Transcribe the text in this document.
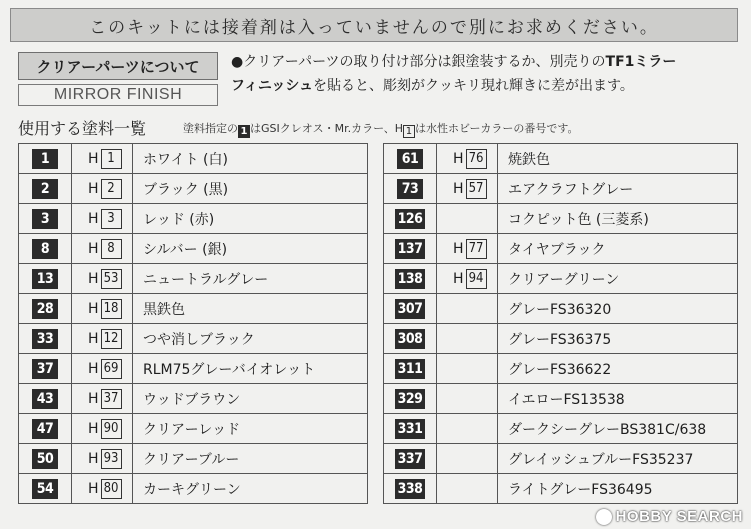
このキットには接着剤は入っていませんので別にお求めください。
クリアーパーツについて
MIRROR FINISH
●クリアーパーツの取り付け部分は銀塗装するか、別売りのTF1ミラー
フィニッシュを貼ると、彫刻がクッキリ現れ輝きに差が出ます。
使用する塗料一覧	塗料指定の 1 はGSIクレオス・Mr.カラー、H 1 は水性ホビーカラーの番号です。
1	H 1	ホワイト (白)
2	H 2	ブラック (黒)
3	H 3	レッド (赤)
8	H 8	シルバー (銀)
13	H 53	ニュートラルグレー
28	H 18	黒鉄色
33	H 12	つや消しブラック
37	H 69	RLM75グレーバイオレット
43	H 37	ウッドブラウン
47	H 90	クリアーレッド
50	H 93	クリアーブルー
54	H 80	カーキグリーン
61	H 76	焼鉄色
73	H 57	エアクラフトグレー
126		コクピット色 (三菱系)
137	H 77	タイヤブラック
138	H 94	クリアーグリーン
307		グレーFS36320
308		グレーFS36375
311		グレーFS36622
329		イエローFS13538
331		ダークシーグレーBS381C/638
337		グレイッシュブルーFS35237
338		ライトグレーFS36495
HOBBY SEARCH
